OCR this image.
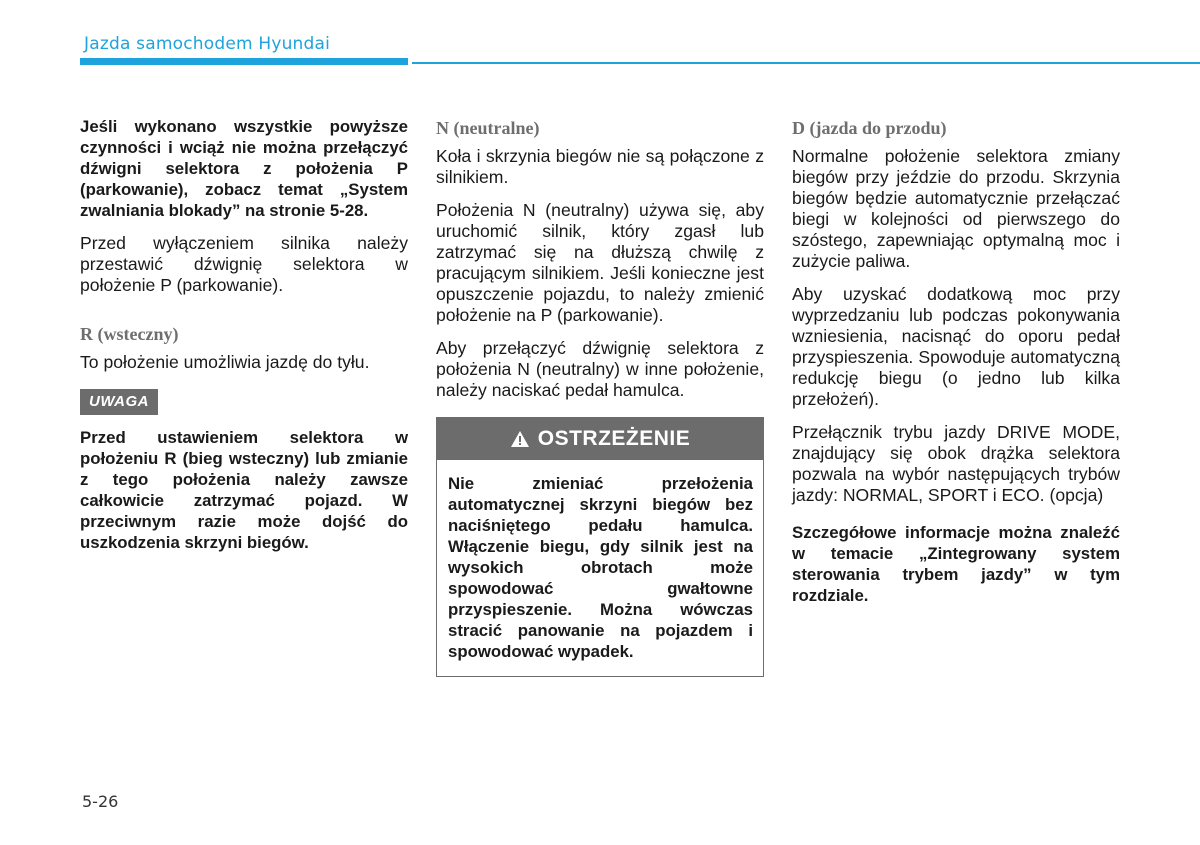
Jazda samochodem Hyundai

Jeśli wykonano wszystkie powyższe czynności i wciąż nie można przełączyć dźwigni selektora z położenia P (parkowanie), zobacz temat „System zwalniania blokady” na stronie 5-28.

Przed wyłączeniem silnika należy przestawić dźwignię selektora w położenie P (parkowanie).

R (wsteczny)

To położenie umożliwia jazdę do tyłu.

UWAGA

Przed ustawieniem selektora w położeniu R (bieg wsteczny) lub zmianie z tego położenia należy zawsze całkowicie zatrzymać pojazd. W przeciwnym razie może dojść do uszkodzenia skrzyni biegów.

N (neutralne)

Koła i skrzynia biegów nie są połączone z silnikiem.

Położenia N (neutralny) używa się, aby uruchomić silnik, który zgasł lub zatrzymać się na dłuższą chwilę z pracującym silnikiem. Jeśli konieczne jest opuszczenie pojazdu, to należy zmienić położenie na P (parkowanie).

Aby przełączyć dźwignię selektora z położenia N (neutralny) w inne położenie, należy naciskać pedał hamulca.

OSTRZEŻENIE

Nie zmieniać przełożenia automatycznej skrzyni biegów bez naciśniętego pedału hamulca. Włączenie biegu, gdy silnik jest na wysokich obrotach może spowodować gwałtowne przyspieszenie. Można wówczas stracić panowanie na pojazdem i spowodować wypadek.

D (jazda do przodu)

Normalne położenie selektora zmiany biegów przy jeździe do przodu. Skrzynia biegów będzie automatycznie przełączać biegi w kolejności od pierwszego do szóstego, zapewniając optymalną moc i zużycie paliwa.

Aby uzyskać dodatkową moc przy wyprzedzaniu lub podczas pokonywania wzniesienia, nacisnąć do oporu pedał przyspieszenia. Spowoduje automatyczną redukcję biegu (o jedno lub kilka przełożeń).

Przełącznik trybu jazdy DRIVE MODE, znajdujący się obok drążka selektora pozwala na wybór następujących trybów jazdy: NORMAL, SPORT i ECO. (opcja)

Szczegółowe informacje można znaleźć w temacie „Zintegrowany system sterowania trybem jazdy” w tym rozdziale.

5-26
